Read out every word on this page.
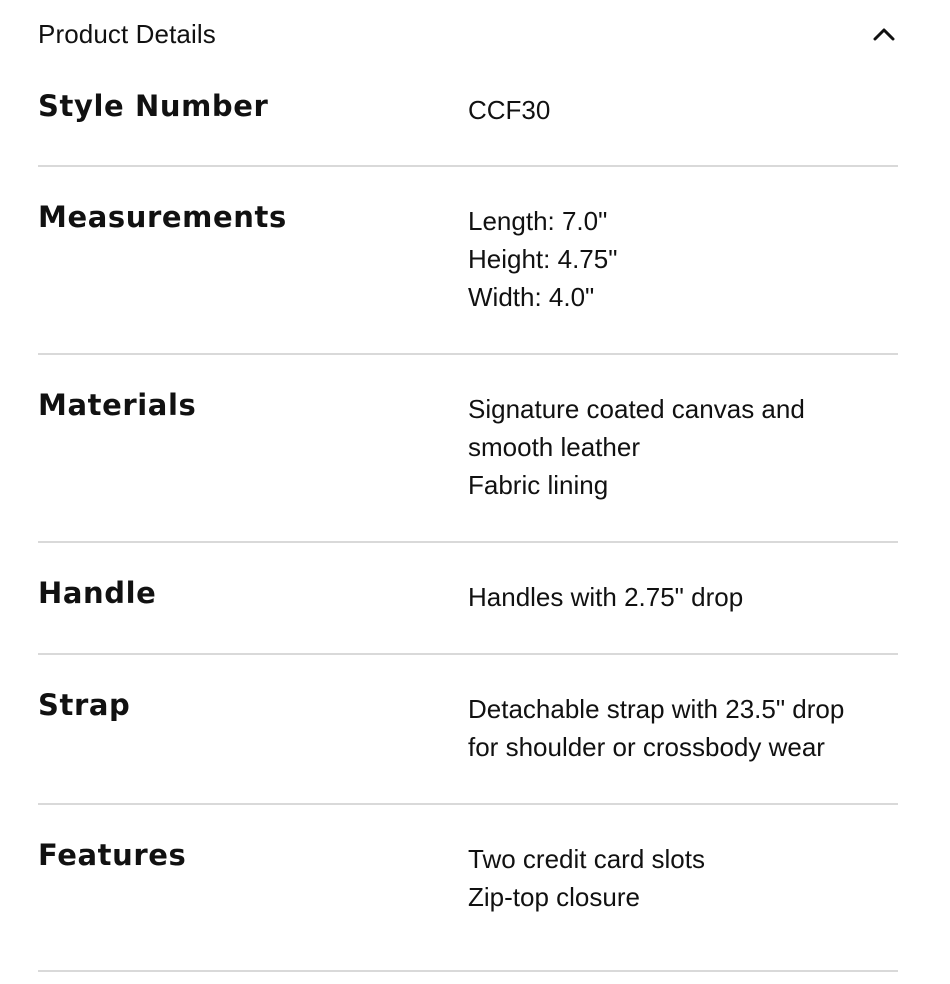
Product Details
Style Number	CCF30
Measurements	Length: 7.0"
Height: 4.75"
Width: 4.0"
Materials	Signature coated canvas and
smooth leather
Fabric lining
Handle	Handles with 2.75" drop
Strap	Detachable strap with 23.5" drop
for shoulder or crossbody wear
Features	Two credit card slots
Zip-top closure
